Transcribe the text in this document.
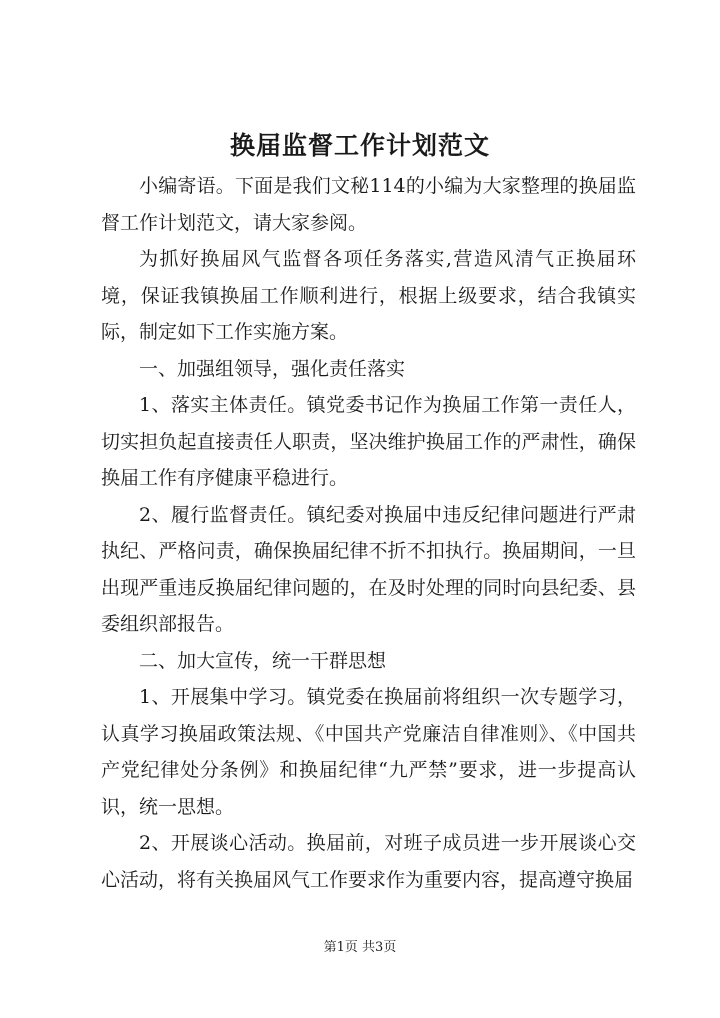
换届监督工作计划范文

小编寄语。下面是我们文秘114的小编为大家整理的换届监督工作计划范文，请大家参阅。

为抓好换届风气监督各项任务落实,营造风清气正换届环境，保证我镇换届工作顺利进行，根据上级要求，结合我镇实际，制定如下工作实施方案。

一、加强组领导，强化责任落实

1、落实主体责任。镇党委书记作为换届工作第一责任人，切实担负起直接责任人职责，坚决维护换届工作的严肃性，确保换届工作有序健康平稳进行。

2、履行监督责任。镇纪委对换届中违反纪律问题进行严肃执纪、严格问责，确保换届纪律不折不扣执行。换届期间，一旦出现严重违反换届纪律问题的，在及时处理的同时向县纪委、县委组织部报告。

二、加大宣传，统一干群思想

1、开展集中学习。镇党委在换届前将组织一次专题学习，认真学习换届政策法规、《中国共产党廉洁自律准则》、《中国共产党纪律处分条例》和换届纪律“九严禁”要求，进一步提高认识，统一思想。

2、开展谈心活动。换届前，对班子成员进一步开展谈心交心活动，将有关换届风气工作要求作为重要内容，提高遵守换届

第1页 共3页
